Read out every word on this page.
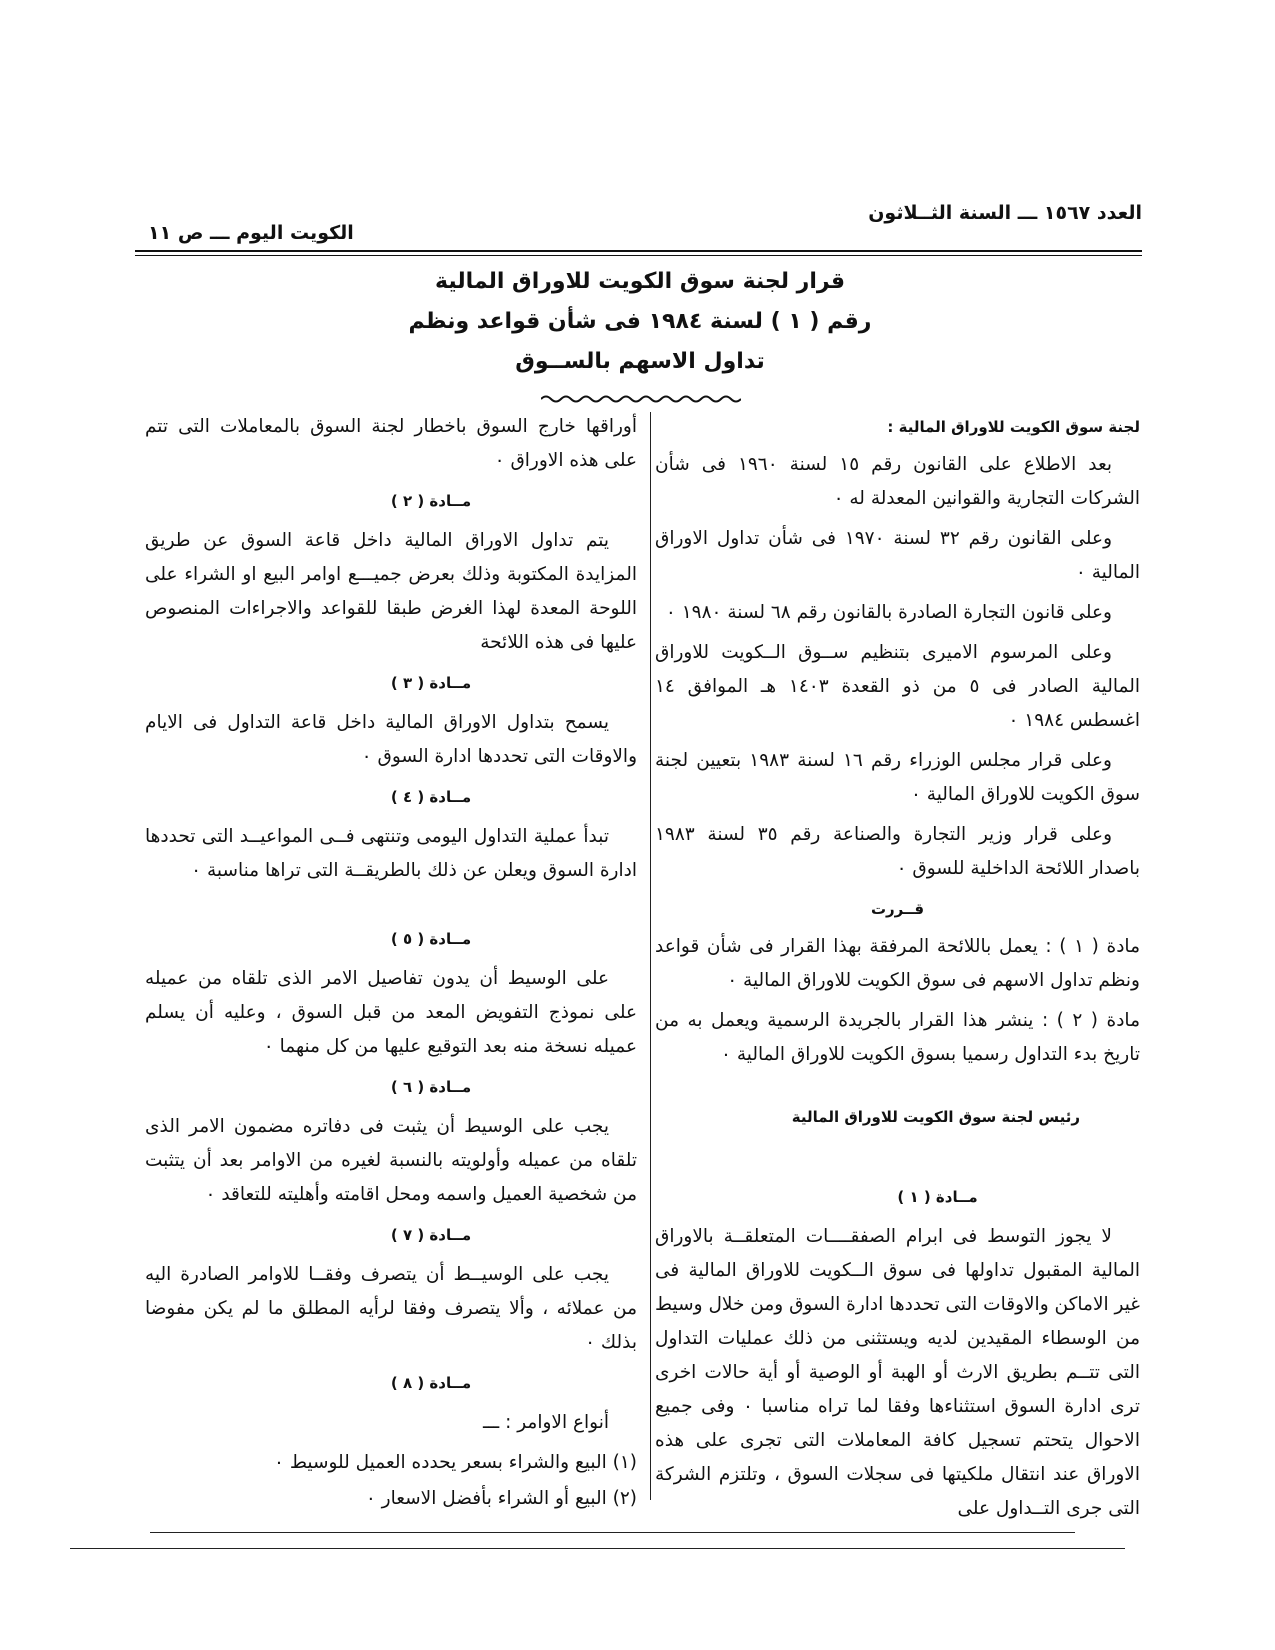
العدد ١٥٦٧ ـــ السنة الثــلاثون
الكويت اليوم ـــ ص ١١
قرار لجنة سوق الكويت للاوراق المالية
رقم ( ١ ) لسنة ١٩٨٤ فى شأن قواعد ونظم
تداول الاسهم بالســوق

لجنة سوق الكويت للاوراق المالية :

بعد الاطلاع على القانون رقم ١٥ لسنة ١٩٦٠ فى شأن الشركات التجارية والقوانين المعدلة له ٠

وعلى القانون رقم ٣٢ لسنة ١٩٧٠ فى شأن تداول الاوراق المالية ٠

وعلى قانون التجارة الصادرة بالقانون رقم ٦٨ لسنة ١٩٨٠ ٠

وعلى المرسوم الاميرى بتنظيم ســوق الــكويت للاوراق المالية الصادر فى ٥ من ذو القعدة ١٤٠٣ هـ الموافق ١٤ اغسطس ١٩٨٤ ٠

وعلى قرار مجلس الوزراء رقم ١٦ لسنة ١٩٨٣ بتعيين لجنة سوق الكويت للاوراق المالية ٠

وعلى قرار وزير التجارة والصناعة رقم ٣٥ لسنة ١٩٨٣ باصدار اللائحة الداخلية للسوق ٠

قــررت

مادة ( ١ ) : يعمل باللائحة المرفقة بهذا القرار فى شأن قواعد ونظم تداول الاسهم فى سوق الكويت للاوراق المالية ٠

مادة ( ٢ ) : ينشر هذا القرار بالجريدة الرسمية ويعمل به من تاريخ بدء التداول رسميا بسوق الكويت للاوراق المالية ٠

رئيس لجنة سوق الكويت للاوراق المالية

مــادة ( ١ )

لا يجوز التوسط فى ابرام الصفقــــات المتعلقــة بالاوراق المالية المقبول تداولها فى سوق الــكويت للاوراق المالية فى غير الاماكن والاوقات التى تحددها ادارة السوق ومن خلال وسيط من الوسطاء المقيدين لديه ويستثنى من ذلك عمليات التداول التى تتــم بطريق الارث أو الهبة أو الوصية أو أية حالات اخرى ترى ادارة السوق استثناءها وفقا لما تراه مناسبا ٠ وفى جميع الاحوال يتحتم تسجيل كافة المعاملات التى تجرى على هذه الاوراق عند انتقال ملكيتها فى سجلات السوق ، وتلتزم الشركة التى جرى التــداول على

أوراقها خارج السوق باخطار لجنة السوق بالمعاملات التى تتم على هذه الاوراق ٠

مــادة ( ٢ )

يتم تداول الاوراق المالية داخل قاعة السوق عن طريق المزايدة المكتوبة وذلك بعرض جميـــع اوامر البيع او الشراء على اللوحة المعدة لهذا الغرض طبقا للقواعد والاجراءات المنصوص عليها فى هذه اللائحة

مــادة ( ٣ )

يسمح بتداول الاوراق المالية داخل قاعة التداول فى الايام والاوقات التى تحددها ادارة السوق ٠

مــادة ( ٤ )

تبدأ عملية التداول اليومى وتنتهى فــى المواعيــد التى تحددها ادارة السوق ويعلن عن ذلك بالطريقــة التى تراها مناسبة ٠

مــادة ( ٥ )

على الوسيط أن يدون تفاصيل الامر الذى تلقاه من عميله على نموذج التفويض المعد من قبل السوق ، وعليه أن يسلم عميله نسخة منه بعد التوقيع عليها من كل منهما ٠

مــادة ( ٦ )

يجب على الوسيط أن يثبت فى دفاتره مضمون الامر الذى تلقاه من عميله وأولويته بالنسبة لغيره من الاوامر بعد أن يتثبت من شخصية العميل واسمه ومحل اقامته وأهليته للتعاقد ٠

مــادة ( ٧ )

يجب على الوسيــط أن يتصرف وفقــا للاوامر الصادرة اليه من عملائه ، وألا يتصرف وفقا لرأيه المطلق ما لم يكن مفوضا بذلك ٠

مــادة ( ٨ )

أنواع الاوامر : ـــ

(١) البيع والشراء بسعر يحدده العميل للوسيط ٠

(٢) البيع أو الشراء بأفضل الاسعار ٠
